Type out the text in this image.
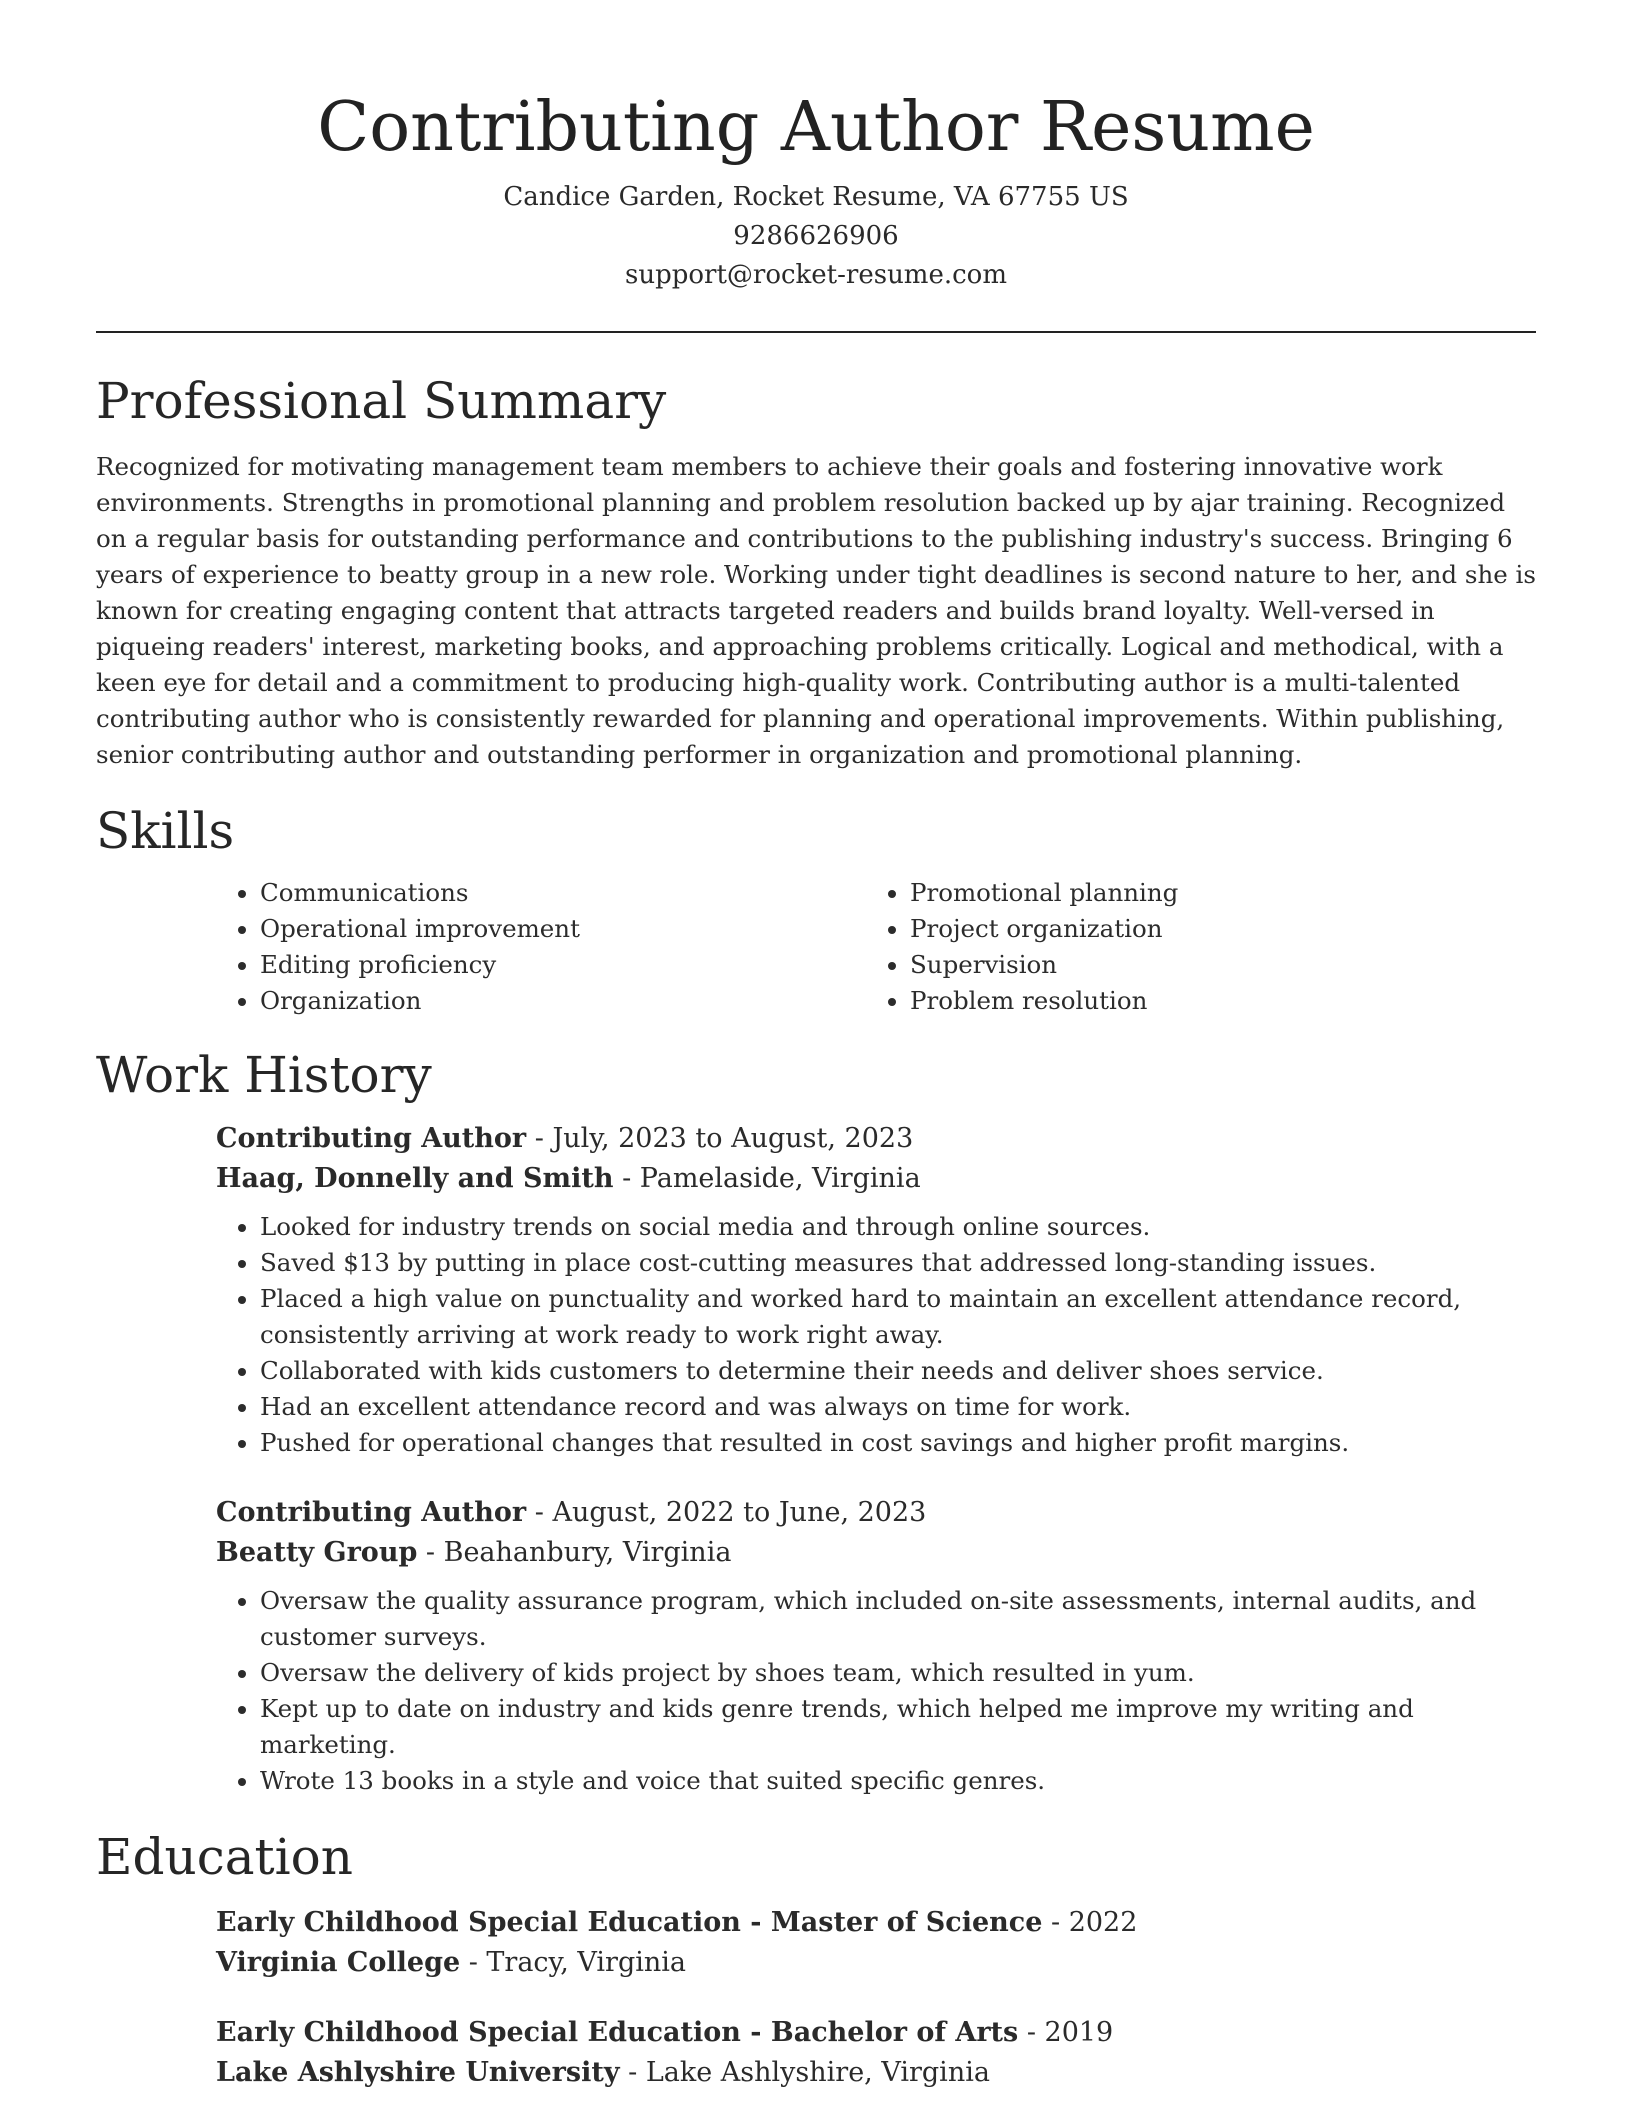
Contributing Author Resume
Candice Garden, Rocket Resume, VA 67755 US
9286626906
support@rocket-resume.com
Professional Summary

Recognized for motivating management team members to achieve their goals and fostering innovative work environments. Strengths in promotional planning and problem resolution backed up by ajar training. Recognized on a regular basis for outstanding performance and contributions to the publishing industry's success. Bringing 6 years of experience to beatty group in a new role. Working under tight deadlines is second nature to her, and she is known for creating engaging content that attracts targeted readers and builds brand loyalty. Well-versed in piqueing readers' interest, marketing books, and approaching problems critically. Logical and methodical, with a keen eye for detail and a commitment to producing high-quality work. Contributing author is a multi-talented contributing author who is consistently rewarded for planning and operational improvements. Within publishing, senior contributing author and outstanding performer in organization and promotional planning.

Skills
• Communications
• Operational improvement
• Editing proficiency
• Organization
• Promotional planning
• Project organization
• Supervision
• Problem resolution
Work History
Contributing Author - July, 2023 to August, 2023
Haag, Donnelly and Smith - Pamelaside, Virginia
• Looked for industry trends on social media and through online sources.
• Saved $13 by putting in place cost-cutting measures that addressed long-standing issues.
• Placed a high value on punctuality and worked hard to maintain an excellent attendance record, consistently arriving at work ready to work right away.
• Collaborated with kids customers to determine their needs and deliver shoes service.
• Had an excellent attendance record and was always on time for work.
• Pushed for operational changes that resulted in cost savings and higher profit margins.
Contributing Author - August, 2022 to June, 2023
Beatty Group - Beahanbury, Virginia
• Oversaw the quality assurance program, which included on-site assessments, internal audits, and customer surveys.
• Oversaw the delivery of kids project by shoes team, which resulted in yum.
• Kept up to date on industry and kids genre trends, which helped me improve my writing and marketing.
• Wrote 13 books in a style and voice that suited specific genres.
Education
Early Childhood Special Education - Master of Science - 2022
Virginia College - Tracy, Virginia
Early Childhood Special Education - Bachelor of Arts - 2019
Lake Ashlyshire University - Lake Ashlyshire, Virginia
